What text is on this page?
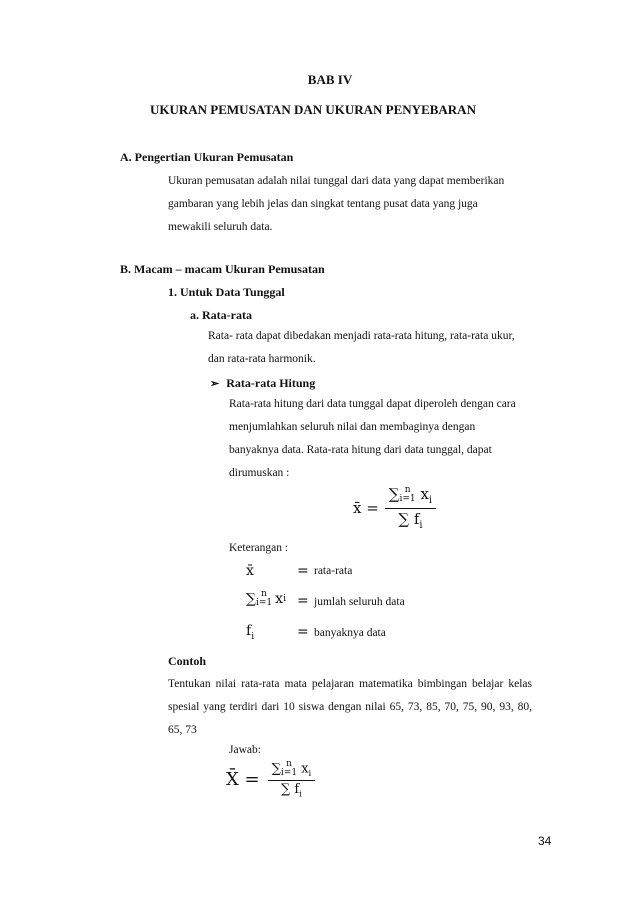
BAB IV
UKURAN PEMUSATAN DAN UKURAN PENYEBARAN
A. Pengertian Ukuran Pemusatan
Ukuran pemusatan adalah nilai tunggal dari data yang dapat memberikan
gambaran yang lebih jelas dan singkat tentang pusat data yang juga
mewakili seluruh data.
B. Macam – macam Ukuran Pemusatan
1. Untuk Data Tunggal
a. Rata-rata
Rata- rata dapat dibedakan menjadi rata-rata hitung, rata-rata ukur,
dan rata-rata harmonik.
➢ Rata-rata Hitung
Rata-rata hitung dari data tunggal dapat diperoleh dengan cara
menjumlahkan seluruh nilai dan membaginya dengan
banyaknya data. Rata-rata hitung dari data tunggal, dapat
dirumuskan :
x̄ = ∑ n
i=1 $x_i$
∑ $f_i$
Keterangan :
x̄	= rata-rata
∑ n
i=1 x i = jumlah seluruh data
$f_i$	= banyaknya data
Contoh
Tentukan nilai rata-rata mata pelajaran matematika bimbingan belajar kelas
spesial yang terdiri dari 10 siswa dengan nilai 65, 73, 85, 70, 75, 90, 93, 80,
65, 73
Jawab:
X̄ = ∑ n
i=1 $x_i$
∑ $f_i$
34
